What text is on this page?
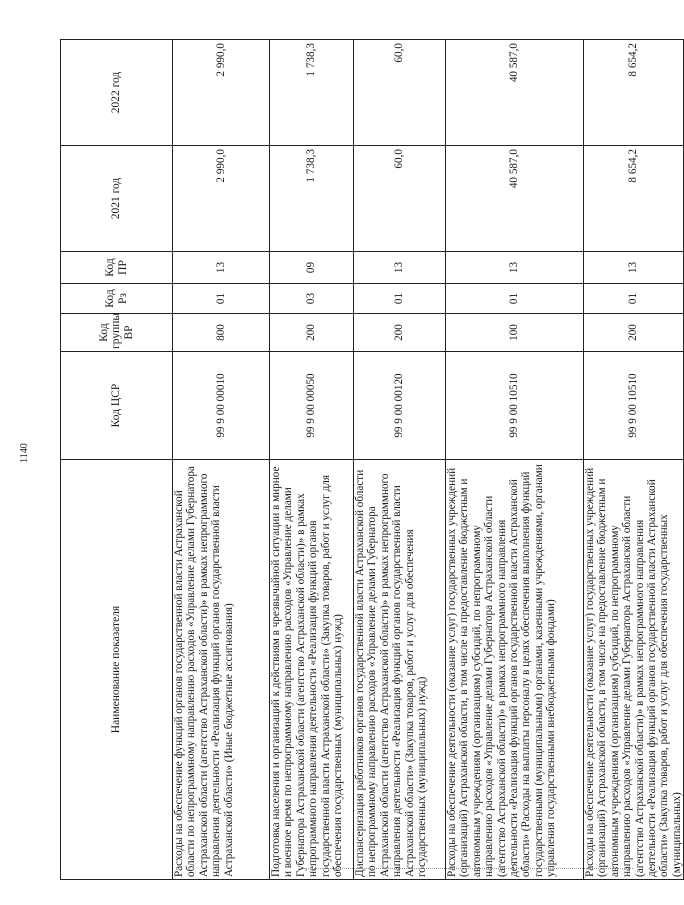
1140
Наименование показателя	Код ЦСР	Код группы ВР	Код Рз	Код ПР	2021 год	2022 год
Расходы на обеспечение функций органов государственной власти Астраханской области по непрограммному направлению расходов «Управление делами Губернатора Астраханской области (агентство Астраханской области)» в рамках непрограммного направления деятельности «Реализация функций органов государственной власти Астраханской области» (Иные бюджетные ассигнования)	99 9 00 00010	800	01	13	2 990,0	2 990,0
Подготовка населения и организаций к действиям в чрезвычайной ситуации в мирное и военное время по непрограммному направлению расходов «Управление делами Губернатора Астраханской области (агентство Астраханской области)» в рамках непрограммного направления деятельности «Реализация функций органов государственной власти Астраханской области» (Закупка товаров, работ и услуг для обеспечения государственных (муниципальных) нужд)	99 9 00 00050	200	03	09	1 738,3	1 738,3
Диспансеризация работников органов государственной власти Астраханской области по непрограммному направлению расходов «Управление делами Губернатора Астраханской области (агентство Астраханской области)» в рамках непрограммного направления деятельности «Реализация функций органов государственной власти Астраханской области» (Закупка товаров, работ и услуг для обеспечения государственных (муниципальных) нужд)	99 9 00 00120	200	01	13	60,0	60,0
Расходы на обеспечение деятельности (оказание услуг) государственных учреждений (организаций) Астраханской области, в том числе на предоставление бюджетным и автономным учреждениям (организациям) субсидий, по непрограммному направлению расходов «Управление делами Губернатора Астраханской области (агентство Астраханской области)» в рамках непрограммного направления деятельности «Реализация функций органов государственной власти Астраханской области» (Расходы на выплаты персоналу в целях обеспечения выполнения функций государственными (муниципальными) органами, казенными учреждениями, органами управления государственными внебюджетными фондами)	99 9 00 10510	100	01	13	40 587,0	40 587,0
Расходы на обеспечение деятельности (оказание услуг) государственных учреждений (организаций) Астраханской области, в том числе на предоставление бюджетным и автономным учреждениям (организациям) субсидий, по непрограммному направлению расходов «Управление делами Губернатора Астраханской области (агентство Астраханской области)» в рамках непрограммного направления деятельности «Реализация функций органов государственной власти Астраханской области» (Закупка товаров, работ и услуг для обеспечения государственных (муниципальных)	99 9 00 10510	200	01	13	8 654,2	8 654,2
